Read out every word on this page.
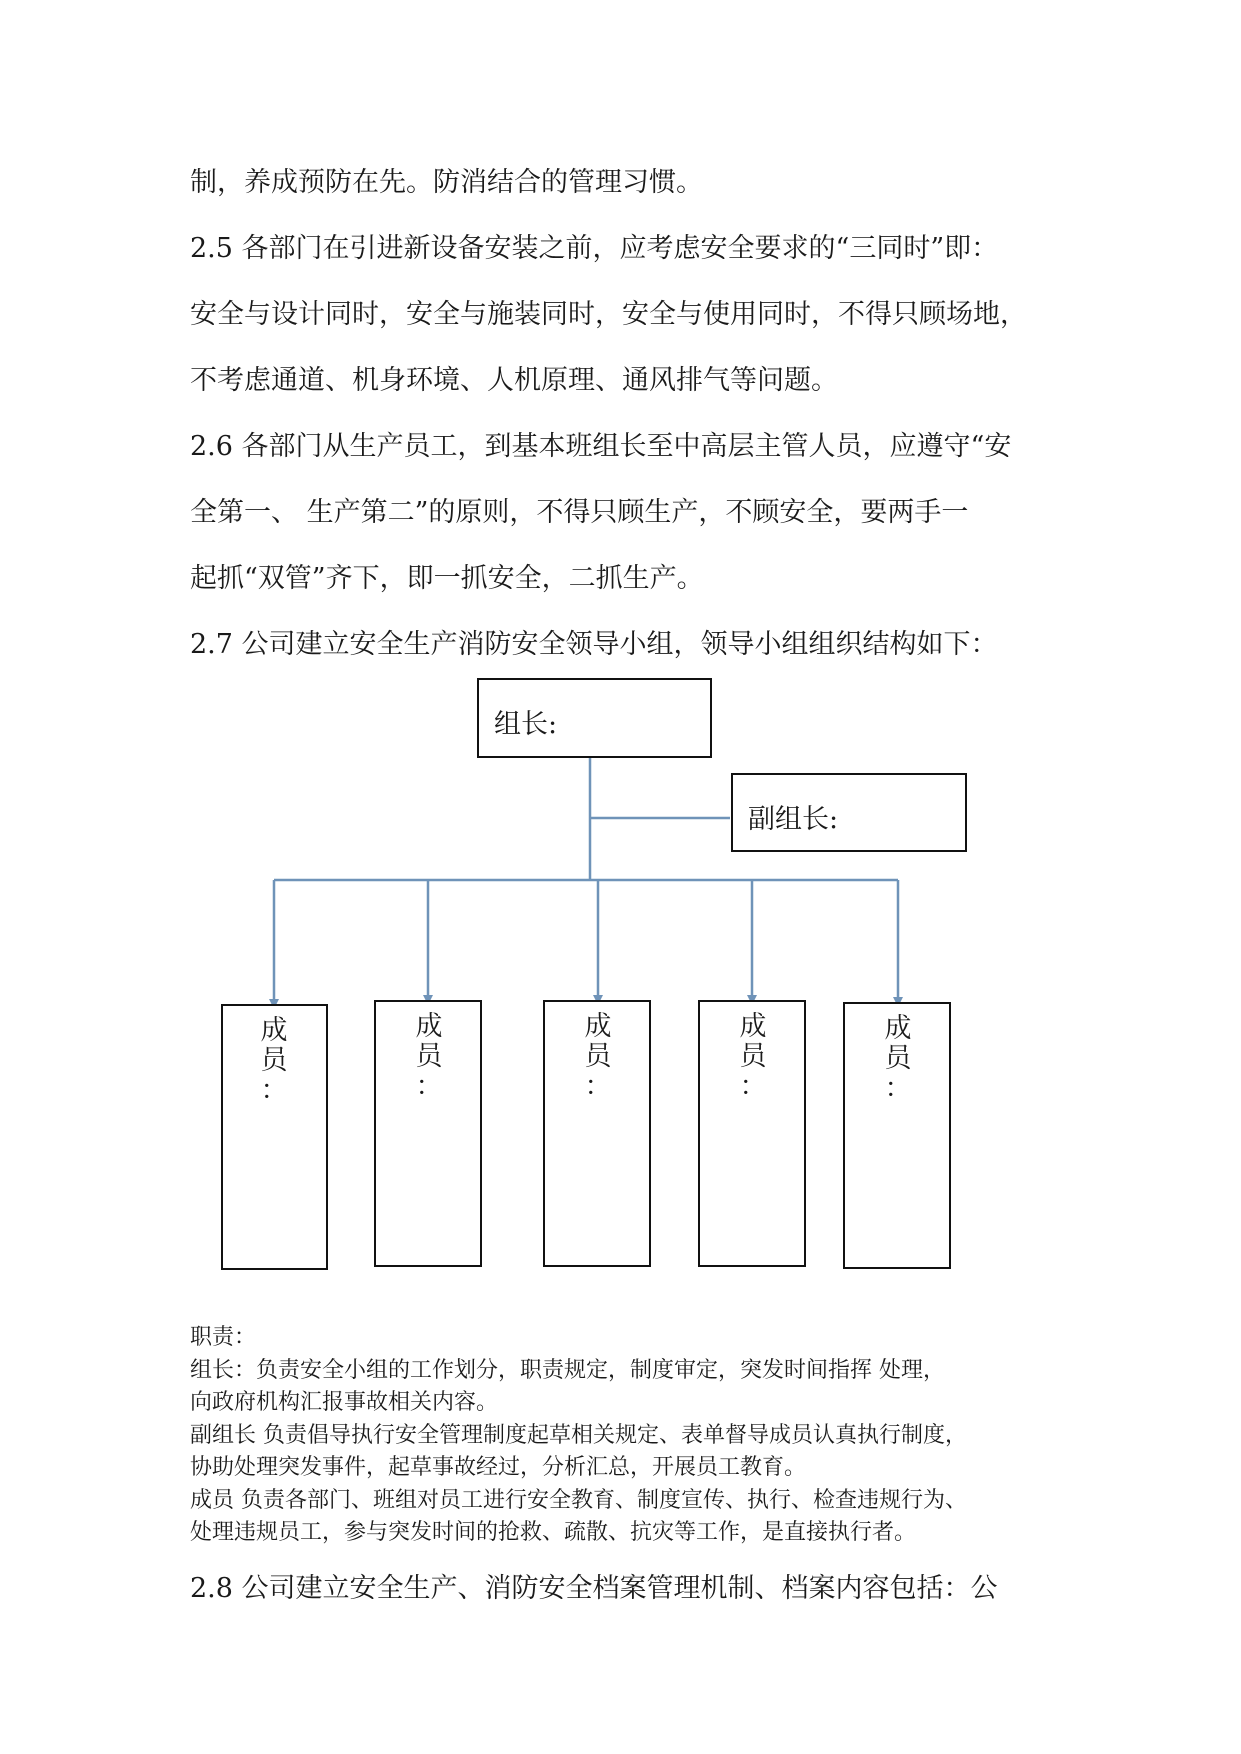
制，养成预防在先。防消结合的管理习惯。
2.5 各部门在引进新设备安装之前，应考虑安全要求的“三同时”即：
安全与设计同时，安全与施装同时，安全与使用同时，不得只顾场地，
不考虑通道、机身环境、人机原理、通风排气等问题。
2.6 各部门从生产员工，到基本班组长至中高层主管人员，应遵守“安
全第一、 生产第二”的原则，不得只顾生产，不顾安全，要两手一
起抓“双管”齐下，即一抓安全，二抓生产。
2.7 公司建立安全生产消防安全领导小组，领导小组组织结构如下：
组长:
副组长:
成
员
：
成
员
：
成
员
：
成
员
：
成
员
：
职责：
组长：负责安全小组的工作划分，职责规定，制度审定，突发时间指挥 处理，
向政府机构汇报事故相关内容。
副组长 负责倡导执行安全管理制度起草相关规定、表单督导成员认真执行制度，
协助处理突发事件，起草事故经过，分析汇总，开展员工教育。
成员 负责各部门、班组对员工进行安全教育、制度宣传、执行、检查违规行为、
处理违规员工，参与突发时间的抢救、疏散、抗灾等工作，是直接执行者。
2.8 公司建立安全生产、消防安全档案管理机制、档案内容包括：公
